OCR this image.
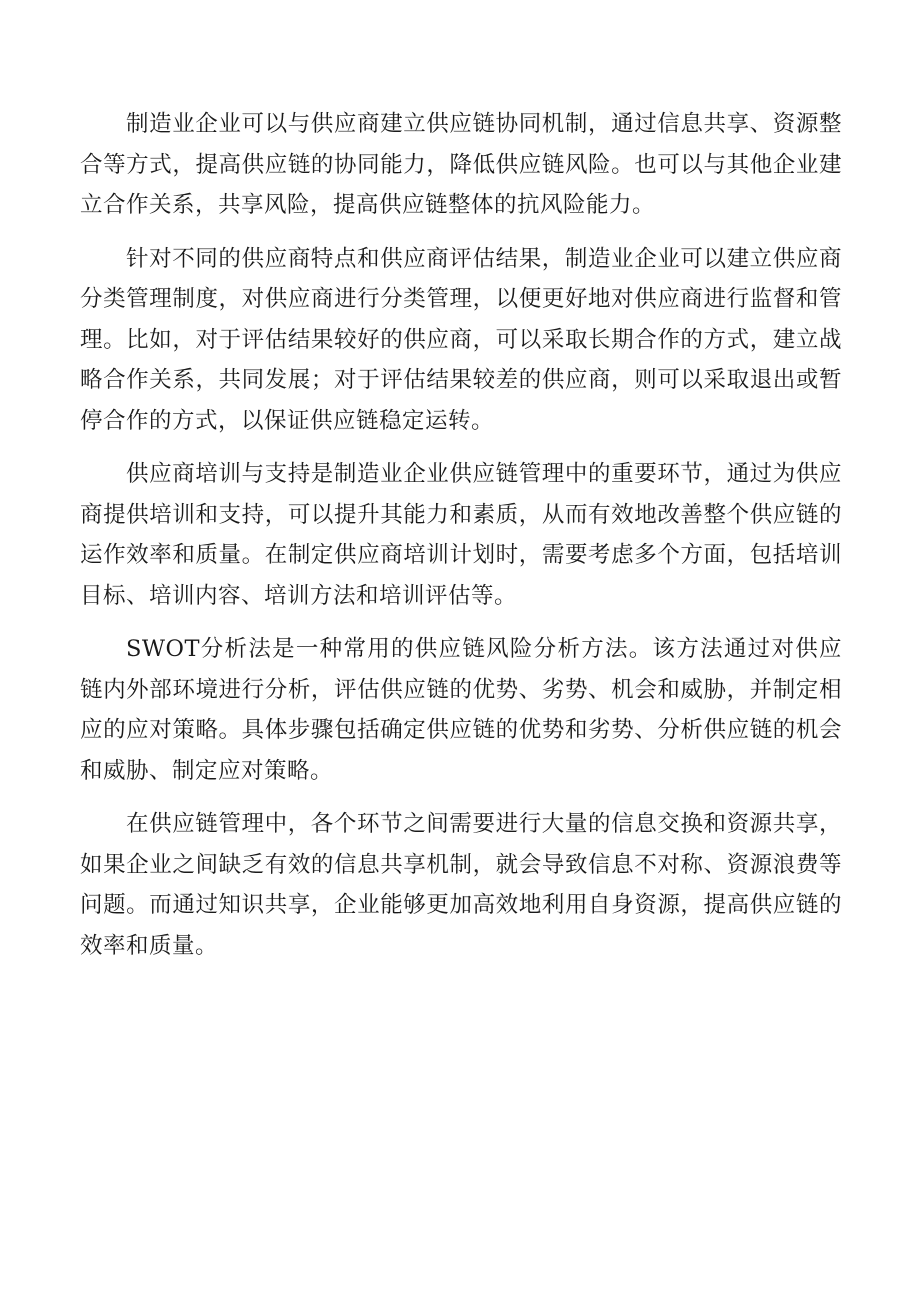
制造业企业可以与供应商建立供应链协同机制，通过信息共享、资源整合等方式，提高供应链的协同能力，降低供应链风险。也可以与其他企业建立合作关系，共享风险，提高供应链整体的抗风险能力。

针对不同的供应商特点和供应商评估结果，制造业企业可以建立供应商分类管理制度，对供应商进行分类管理，以便更好地对供应商进行监督和管理。比如，对于评估结果较好的供应商，可以采取长期合作的方式，建立战略合作关系，共同发展；对于评估结果较差的供应商，则可以采取退出或暂停合作的方式，以保证供应链稳定运转。

供应商培训与支持是制造业企业供应链管理中的重要环节，通过为供应商提供培训和支持，可以提升其能力和素质，从而有效地改善整个供应链的运作效率和质量。在制定供应商培训计划时，需要考虑多个方面，包括培训目标、培训内容、培训方法和培训评估等。

SWOT分析法是一种常用的供应链风险分析方法。该方法通过对供应链内外部环境进行分析，评估供应链的优势、劣势、机会和威胁，并制定相应的应对策略。具体步骤包括确定供应链的优势和劣势、分析供应链的机会和威胁、制定应对策略。

在供应链管理中，各个环节之间需要进行大量的信息交换和资源共享，如果企业之间缺乏有效的信息共享机制，就会导致信息不对称、资源浪费等问题。而通过知识共享，企业能够更加高效地利用自身资源，提高供应链的效率和质量。
